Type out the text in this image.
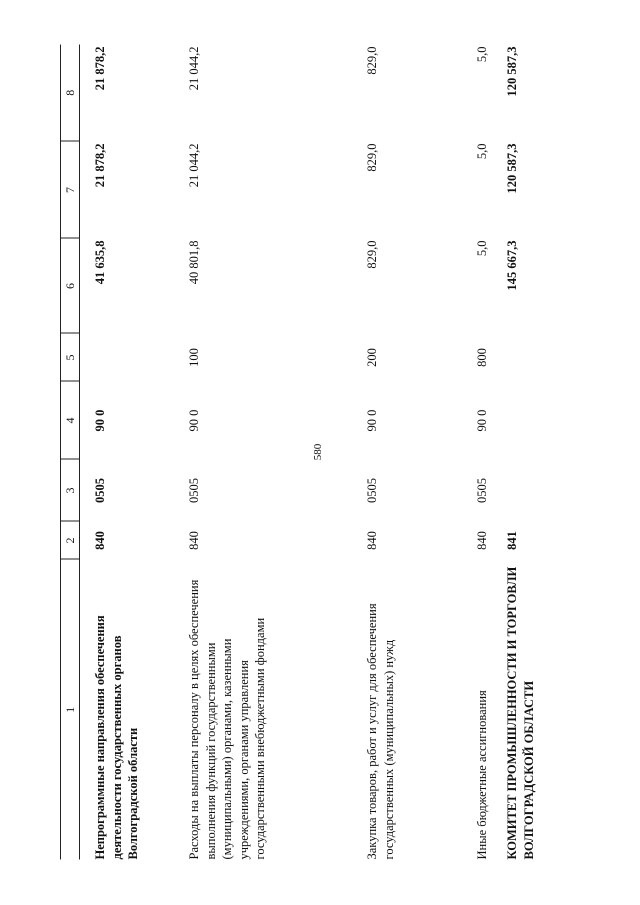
580
1	2	3	4	5	6	7	8
Непрограммные направления обеспечения деятельности государственных органов Волгоградской области	840	0505	90 0		41 635,8	21 878,2	21 878,2
Расходы на выплаты персоналу в целях обеспечения выполнения функций государственными (муниципальными) органами, казенными учреждениями, органами управления государственными внебюджетными фондами	840	0505	90 0	100	40 801,8	21 044,2	21 044,2
Закупка товаров, работ и услуг для обеспечения государственных (муниципальных) нужд	840	0505	90 0	200	829,0	829,0	829,0
Иные бюджетные ассигнования	840	0505	90 0	800	5,0	5,0	5,0
КОМИТЕТ ПРОМЫШЛЕННОСТИ И ТОРГОВЛИ ВОЛГОГРАДСКОЙ ОБЛАСТИ	841				145 667,3	120 587,3	120 587,3
